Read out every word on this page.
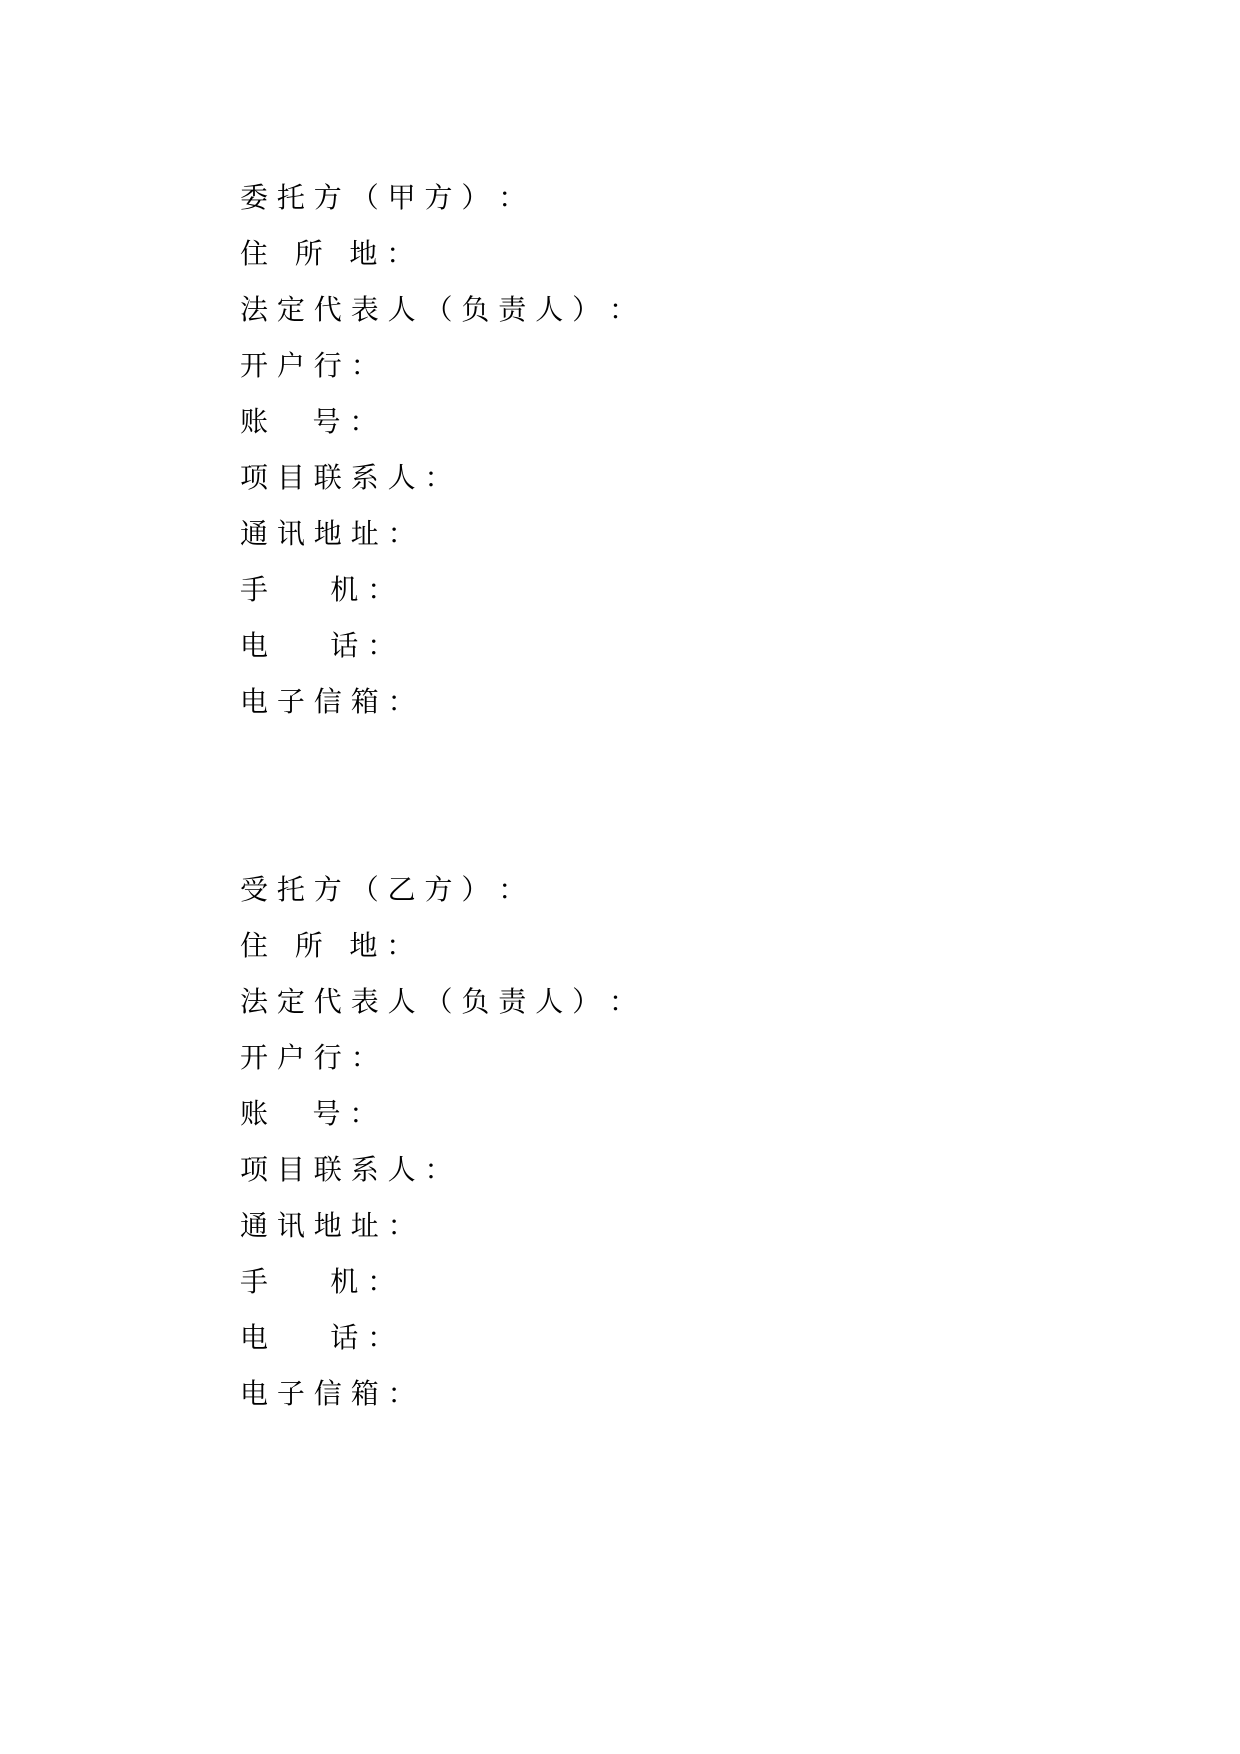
委 托 方 （ 甲 方 ） ：
住   所   地 ：
法 定 代 表 人 （ 负 责 人 ） ：
开 户 行 ：
账     号 ：
项 目 联 系 人 ：
通 讯 地 址 ：
手       机 ：
电       话 ：
电 子 信 箱 ：
受 托 方 （ 乙 方 ） ：
住   所   地 ：
法 定 代 表 人 （ 负 责 人 ） ：
开 户 行 ：
账     号 ：
项 目 联 系 人 ：
通 讯 地 址 ：
手       机 ：
电       话 ：
电 子 信 箱 ：
